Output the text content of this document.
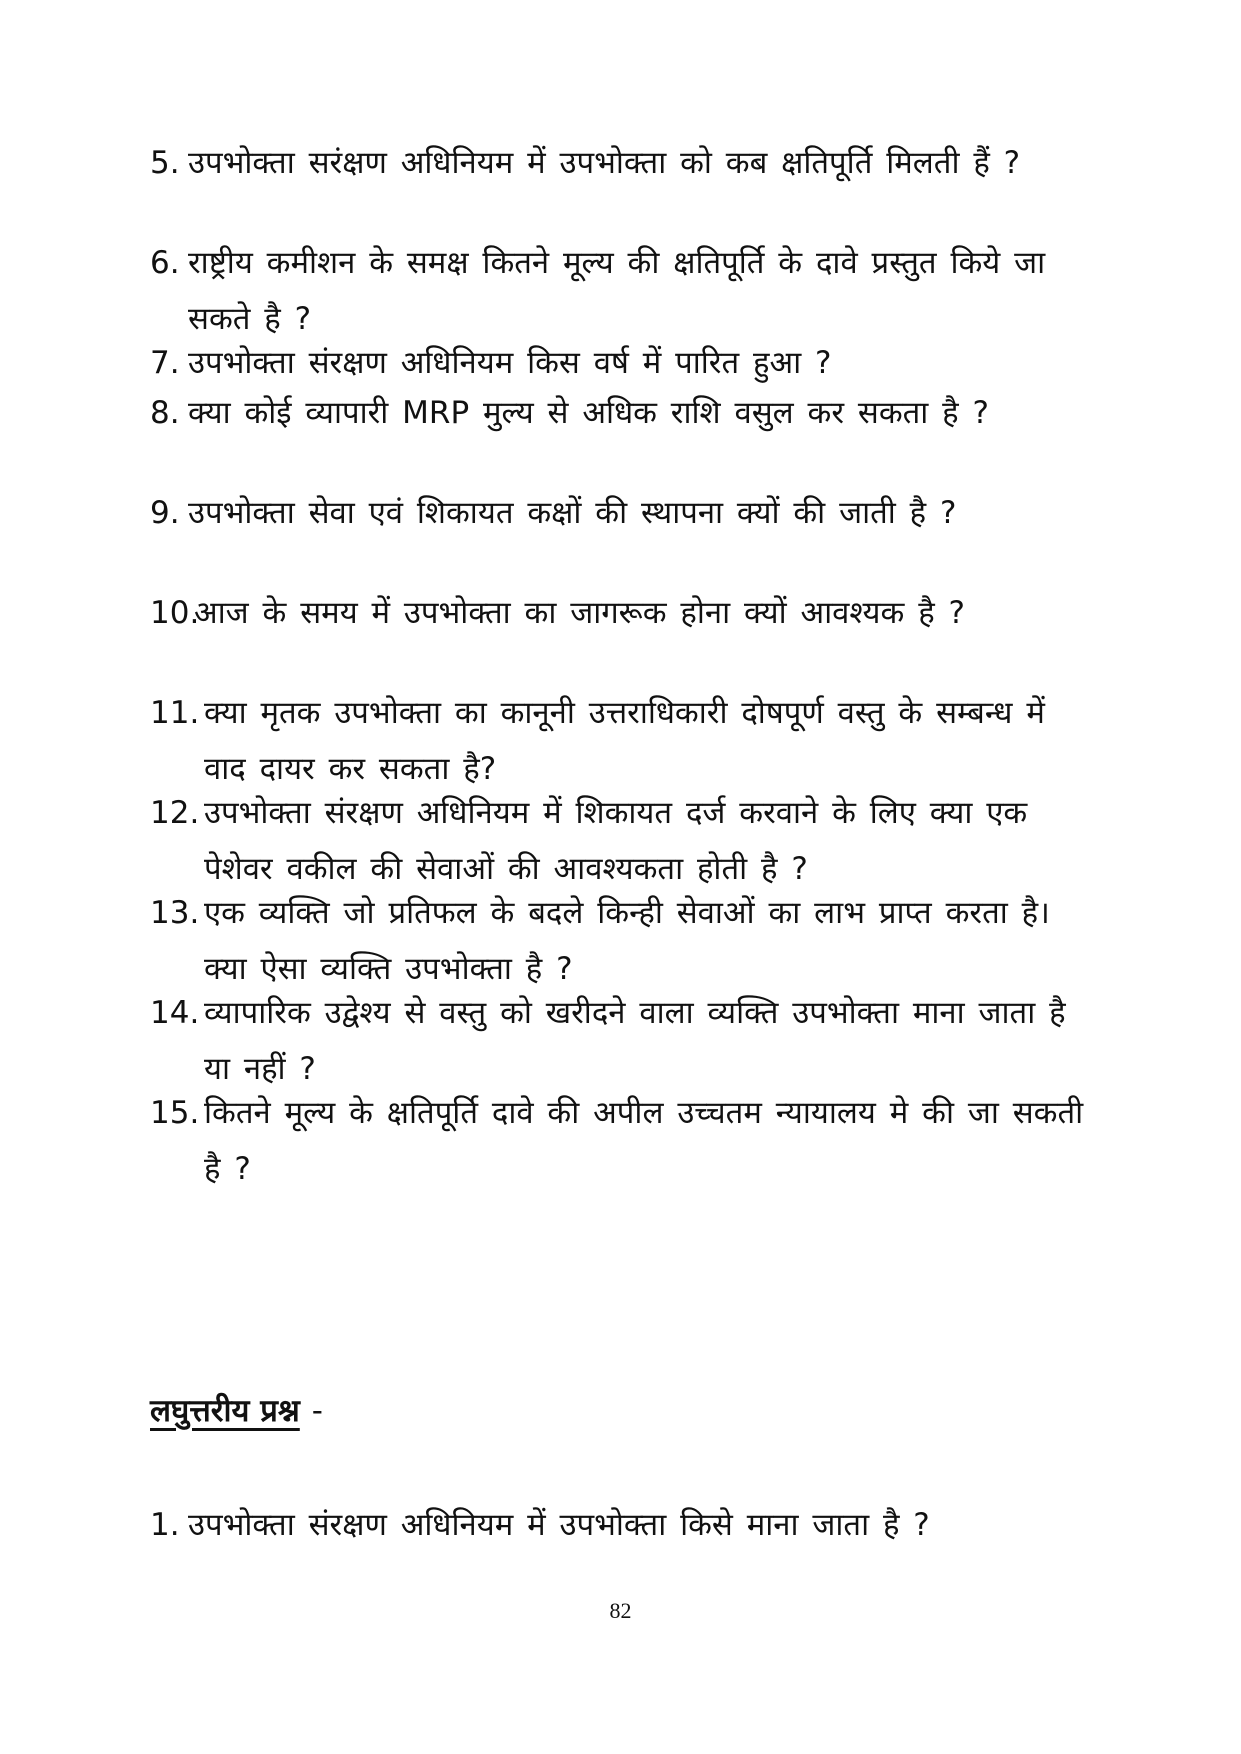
5. उपभोक्ता सरंक्षण अधिनियम में उपभोक्ता को कब क्षतिपूर्ति मिलती हैं ?
6. राष्ट्रीय कमीशन के समक्ष कितने मूल्य की क्षतिपूर्ति के दावे प्रस्तुत किये जा सकते है ?
7. उपभोक्ता संरक्षण अधिनियम किस वर्ष में पारित हुआ ?
8. क्या कोई व्यापारी MRP मुल्य से अधिक राशि वसुल कर सकता है ?
9. उपभोक्ता सेवा एवं शिकायत कक्षों की स्थापना क्यों की जाती है ?
10.
आज के समय में उपभोक्ता का जागरूक होना क्यों आवश्यक है ?
11. क्या मृतक उपभोक्ता का कानूनी उत्तराधिकारी दोषपूर्ण वस्तु के सम्बन्ध में वाद दायर कर सकता है?
12. उपभोक्ता संरक्षण अधिनियम में शिकायत दर्ज करवाने के लिए क्या एक पेशेवर वकील की सेवाओं की आवश्यकता होती है ?
13. एक व्यक्ति जो प्रतिफल के बदले किन्ही सेवाओं का लाभ प्राप्त करता है। क्या ऐसा व्यक्ति उपभोक्ता है ?
14. व्यापारिक उद्वेश्य से वस्तु को खरीदने वाला व्यक्ति उपभोक्ता माना जाता है या नहीं ?
15. कितने मूल्य के क्षतिपूर्ति दावे की अपील उच्चतम न्यायालय मे की जा सकती है ?
लघुत्तरीय प्रश्न -
1. उपभोक्ता संरक्षण अधिनियम में उपभोक्ता किसे माना जाता है ?
82
